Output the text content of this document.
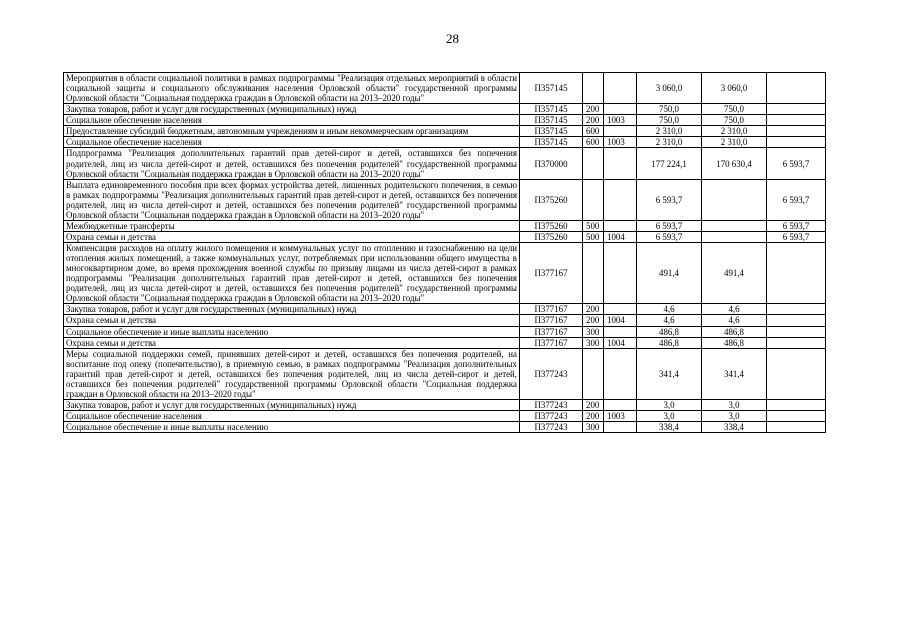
28
Мероприятия в области социальной политики в рамках подпрограммы "Реализация отдельных мероприятий в области социальной защиты и социального обслуживания населения Орловской области" государственной программы Орловской области "Социальная поддержка граждан в Орловской области на 2013–2020 годы"	П357145			3 060,0	3 060,0	
Закупка товаров, работ и услуг для государственных (муниципальных) нужд	П357145	200		750,0	750,0	
Социальное обеспечение населения	П357145	200	1003	750,0	750,0	
Предоставление субсидий бюджетным, автономным учреждениям и иным некоммерческим организациям	П357145	600		2 310,0	2 310,0	
Социальное обеспечение населения	П357145	600	1003	2 310,0	2 310,0	
Подпрограмма "Реализация дополнительных гарантий прав детей-сирот и детей, оставшихся без попечения родителей, лиц из числа детей-сирот и детей, оставшихся без попечения родителей" государственной программы Орловской области "Социальная поддержка граждан в Орловской области на 2013–2020 годы"	П370000			177 224,1	170 630,4	6 593,7
Выплата единовременного пособия при всех формах устройства детей, лишенных родительского попечения, в семью в рамках подпрограммы "Реализация дополнительных гарантий прав детей-сирот и детей, оставшихся без попечения родителей, лиц из числа детей-сирот и детей, оставшихся без попечения родителей" государственной программы Орловской области "Социальная поддержка граждан в Орловской области на 2013–2020 годы"	П375260			6 593,7		6 593,7
Межбюджетные трансферты	П375260	500		6 593,7		6 593,7
Охрана семьи и детства	П375260	500	1004	6 593,7		6 593,7
Компенсация расходов на оплату жилого помещения и коммунальных услуг по отоплению и газоснабжению на цели отопления жилых помещений, а также коммунальных услуг, потребляемых при использовании общего имущества в многоквартирном доме, во время прохождения военной службы по призыву лицами из числа детей-сирот в рамках подпрограммы "Реализация дополнительных гарантий прав детей-сирот и детей, оставшихся без попечения родителей, лиц из числа детей-сирот и детей, оставшихся без попечения родителей" государственной программы Орловской области "Социальная поддержка граждан в Орловской области на 2013–2020 годы"	П377167			491,4	491,4	
Закупка товаров, работ и услуг для государственных (муниципальных) нужд	П377167	200		4,6	4,6	
Охрана семьи и детства	П377167	200	1004	4,6	4,6	
Социальное обеспечение и иные выплаты населению	П377167	300		486,8	486,8	
Охрана семьи и детства	П377167	300	1004	486,8	486,8	
Меры социальной поддержки семей, принявших детей-сирот и детей, оставшихся без попечения родителей, на воспитание под опеку (попечительство), в приемную семью, в рамках подпрограммы "Реализация дополнительных гарантий прав детей-сирот и детей, оставшихся без попечения родителей, лиц из числа детей-сирот и детей, оставшихся без попечения родителей" государственной программы Орловской области "Социальная поддержка граждан в Орловской области на 2013–2020 годы"	П377243			341,4	341,4	
Закупка товаров, работ и услуг для государственных (муниципальных) нужд	П377243	200		3,0	3,0	
Социальное обеспечение населения	П377243	200	1003	3,0	3,0	
Социальное обеспечение и иные выплаты населению	П377243	300		338,4	338,4	
